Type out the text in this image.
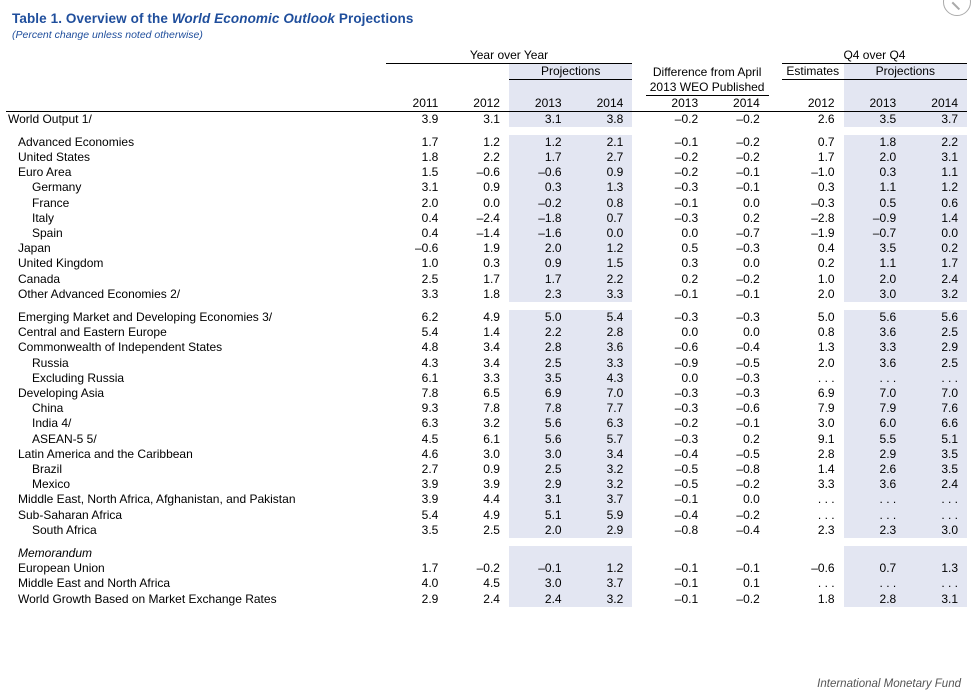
Table 1. Overview of the World Economic Outlook Projections
(Percent change unless noted otherwise)
	Year over Year								Q4 over Q4		
			Projections			Difference from April			Estimates	Projections	
						2013 WEO Published					
	2011	2012	2013	2014		2013	2014		2012	2013	2014
World Output 1/	3.9	3.1	3.1	3.8		–0.2	–0.2		2.6	3.5	3.7

Advanced Economies	1.7	1.2	1.2	2.1		–0.1	–0.2		0.7	1.8	2.2
United States	1.8	2.2	1.7	2.7		–0.2	–0.2		1.7	2.0	3.1
Euro Area	1.5	–0.6	–0.6	0.9		–0.2	–0.1		–1.0	0.3	1.1
Germany	3.1	0.9	0.3	1.3		–0.3	–0.1		0.3	1.1	1.2
France	2.0	0.0	–0.2	0.8		–0.1	0.0		–0.3	0.5	0.6
Italy	0.4	–2.4	–1.8	0.7		–0.3	0.2		–2.8	–0.9	1.4
Spain	0.4	–1.4	–1.6	0.0		0.0	–0.7		–1.9	–0.7	0.0
Japan	–0.6	1.9	2.0	1.2		0.5	–0.3		0.4	3.5	0.2
United Kingdom	1.0	0.3	0.9	1.5		0.3	0.0		0.2	1.1	1.7
Canada	2.5	1.7	1.7	2.2		0.2	–0.2		1.0	2.0	2.4
Other Advanced Economies 2/	3.3	1.8	2.3	3.3		–0.1	–0.1		2.0	3.0	3.2

Emerging Market and Developing Economies 3/	6.2	4.9	5.0	5.4		–0.3	–0.3		5.0	5.6	5.6
Central and Eastern Europe	5.4	1.4	2.2	2.8		0.0	0.0		0.8	3.6	2.5
Commonwealth of Independent States	4.8	3.4	2.8	3.6		–0.6	–0.4		1.3	3.3	2.9
Russia	4.3	3.4	2.5	3.3		–0.9	–0.5		2.0	3.6	2.5
Excluding Russia	6.1	3.3	3.5	4.3		0.0	–0.3		. . .	. . .	. . .
Developing Asia	7.8	6.5	6.9	7.0		–0.3	–0.3		6.9	7.0	7.0
China	9.3	7.8	7.8	7.7		–0.3	–0.6		7.9	7.9	7.6
India 4/	6.3	3.2	5.6	6.3		–0.2	–0.1		3.0	6.0	6.6
ASEAN-5 5/	4.5	6.1	5.6	5.7		–0.3	0.2		9.1	5.5	5.1
Latin America and the Caribbean	4.6	3.0	3.0	3.4		–0.4	–0.5		2.8	2.9	3.5
Brazil	2.7	0.9	2.5	3.2		–0.5	–0.8		1.4	2.6	3.5
Mexico	3.9	3.9	2.9	3.2		–0.5	–0.2		3.3	3.6	2.4
Middle East, North Africa, Afghanistan, and Pakistan	3.9	4.4	3.1	3.7		–0.1	0.0		. . .	. . .	. . .
Sub-Saharan Africa	5.4	4.9	5.1	5.9		–0.4	–0.2		. . .	. . .	. . .
South Africa	3.5	2.5	2.0	2.9		–0.8	–0.4		2.3	2.3	3.0

Memorandum											
European Union	1.7	–0.2	–0.1	1.2		–0.1	–0.1		–0.6	0.7	1.3
Middle East and North Africa	4.0	4.5	3.0	3.7		–0.1	0.1		. . .	. . .	. . .
World Growth Based on Market Exchange Rates	2.9	2.4	2.4	3.2		–0.1	–0.2		1.8	2.8	3.1
International Monetary Fund
